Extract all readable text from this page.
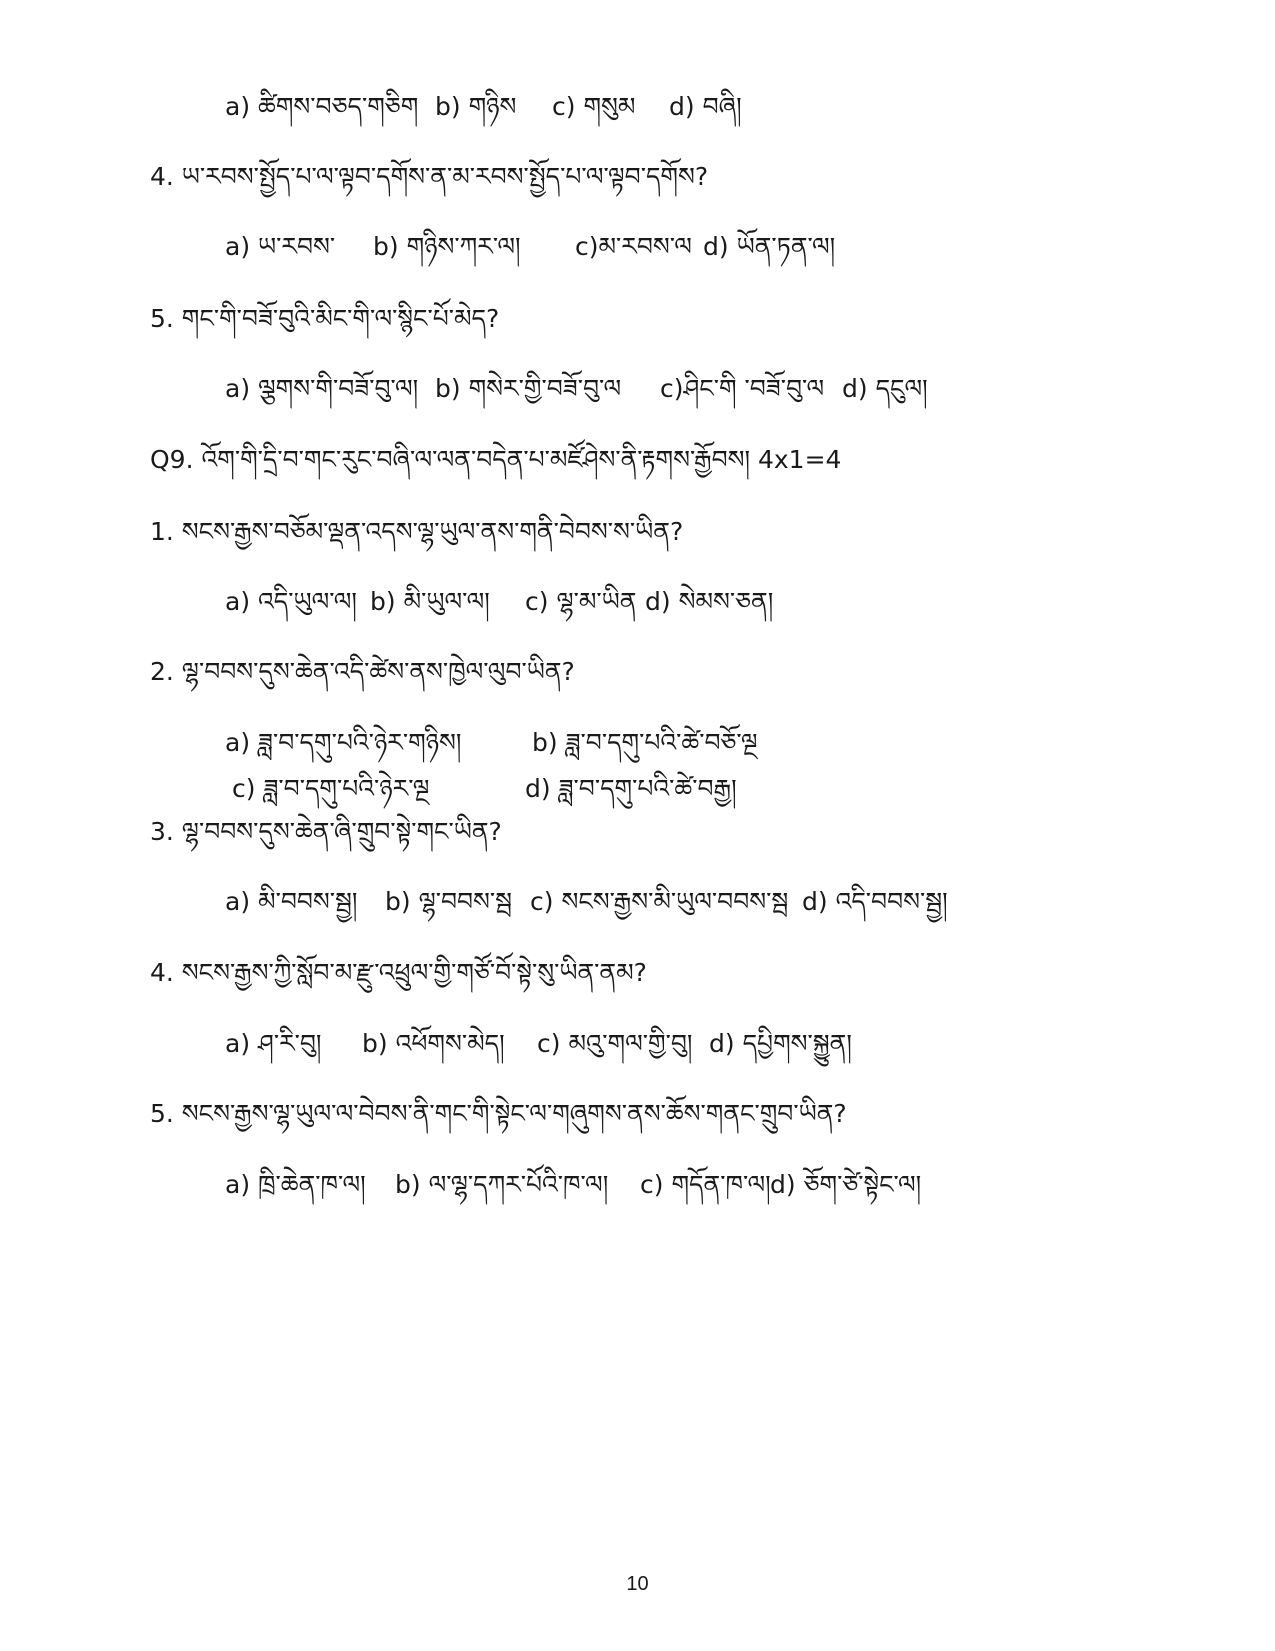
a) ཚིགས་བཅད་གཅིག b) གཉིས c) གསུམ d) བཞི།
4. ཡ་རབས་སྤྱོད་པ་ལ་ལྟབ་དགོས་ན་མ་རབས་སྤྱོད་པ་ལ་ལྟབ་དགོས?
a) ཡ་རབས་ b) གཉིས་ཀར་ལ། c)མ་རབས་ལ d) ཡོན་ཏན་ལ།
5. གང་གི་བཟོ་བུའི་མིང་གི་ལ་སྙིང་པོ་མེད?
a) ལྕགས་གི་བཟོ་བུ་ལ། b) གསེར་གྱི་བཟོ་བུ་ལ c)ཤིང་གི ་བཟོ་བུ་ལ d) དངུལ།
Q9. འོག་གི་དྲི་བ་གང་རུང་བཞི་ལ་ལན་བདེན་པ་མཛོཤེས་ནི་རྟགས་རྒྱོབས། 4x1=4
1. སངས་རྒྱས་བཅོམ་ལྡན་འདས་ལྷ་ཡུལ་ནས་གནི་བེབས་ས་ཡིན?
a) འདི་ཡུལ་ལ། b) མི་ཡུལ་ལ། c) ལྷ་མ་ཡིན d) སེམས་ཅན།
2. ལྷ་བབས་དུས་ཆེན་འདི་ཚེས་ནས་ཁྱེལ་ལུབ་ཡིན?
a) ཟླ་བ་དགུ་པའི་ཉེར་གཉིས།	b) ཟླ་བ་དགུ་པའི་ཚེ་བཅོ་ལྔ
c) ཟླ་བ་དགུ་པའི་ཉེར་ལྔ	d) ཟླ་བ་དགུ་པའི་ཚེ་བརྒྱ།
3. ལྷ་བབས་དུས་ཆེན་ཞི་གྲུབ་སྟེ་གང་ཡིན?
a) མི་བབས་སྦྱ། b) ལྷ་བབས་སྦ c) སངས་རྒྱས་མི་ཡུལ་བབས་སྦ d) འདི་བབས་སྦྱ།
4. སངས་རྒྱས་ཀྱི་སློབ་མ་རྫུ་འཕྲུལ་གྱི་གཙོ་བོ་སྟེ་སུ་ཡིན་ནམ?
a) ཤ་རི་བུ། b) འཕོགས་མེད། c) མའུ་གལ་གྱི་བུ། d) དཔྱིགས་སྐྱུན།
5. སངས་རྒྱས་ལྷ་ཡུལ་ལ་བེབས་ནི་གང་གི་སྟེང་ལ་གཞུགས་ནས་ཆོས་གནང་གྲུབ་ཡིན?
a) ཁྲི་ཆེན་ཁ་ལ། b) ལ་ལྷ་དཀར་པོའི་ཁ་ལ། c) གདོན་ཁ་ལ།d) ཅོག་ཙེ་སྟེང་ལ།
10
